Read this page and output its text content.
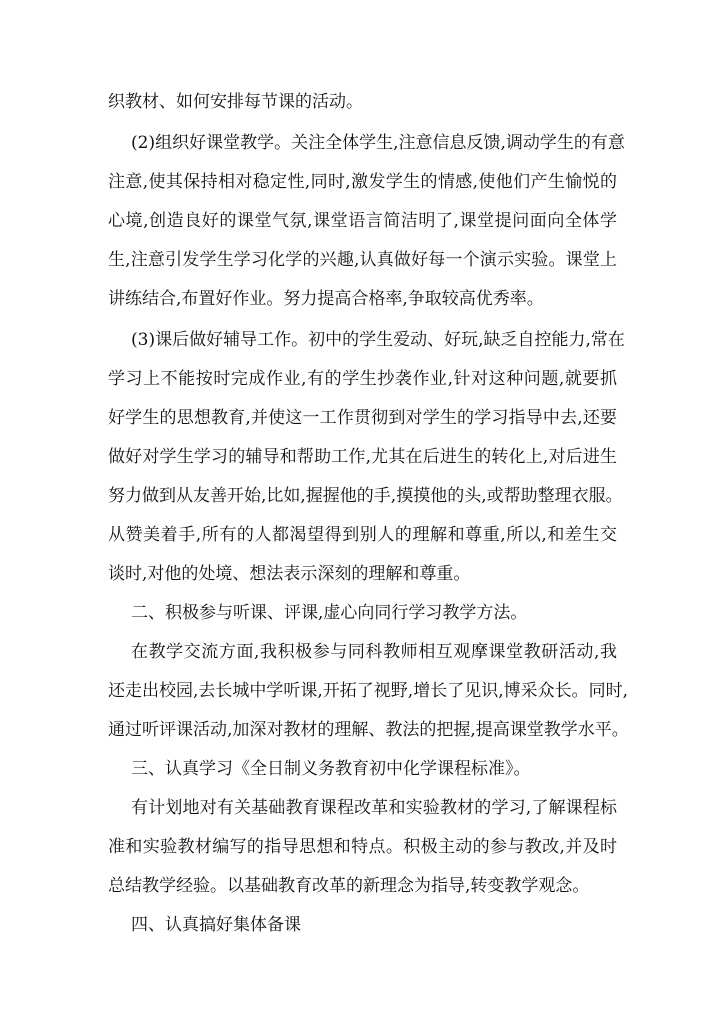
织教材、如何安排每节课的活动。
(2)组织好课堂教学。关注全体学生,注意信息反馈,调动学生的有意
注意,使其保持相对稳定性,同时,激发学生的情感,使他们产生愉悦的
心境,创造良好的课堂气氛,课堂语言简洁明了,课堂提问面向全体学
生,注意引发学生学习化学的兴趣,认真做好每一个演示实验。课堂上
讲练结合,布置好作业。努力提高合格率,争取较高优秀率。
(3)课后做好辅导工作。初中的学生爱动、好玩,缺乏自控能力,常在
学习上不能按时完成作业,有的学生抄袭作业,针对这种问题,就要抓
好学生的思想教育,并使这一工作贯彻到对学生的学习指导中去,还要
做好对学生学习的辅导和帮助工作,尤其在后进生的转化上,对后进生
努力做到从友善开始,比如,握握他的手,摸摸他的头,或帮助整理衣服。
从赞美着手,所有的人都渴望得到别人的理解和尊重,所以,和差生交
谈时,对他的处境、想法表示深刻的理解和尊重。
二、积极参与听课、评课,虚心向同行学习教学方法。
在教学交流方面,我积极参与同科教师相互观摩课堂教研活动,我
还走出校园,去长城中学听课,开拓了视野,增长了见识,博采众长。同时,
通过听评课活动,加深对教材的理解、教法的把握,提高课堂教学水平。
三、认真学习《全日制义务教育初中化学课程标准》。
有计划地对有关基础教育课程改革和实验教材的学习,了解课程标
准和实验教材编写的指导思想和特点。积极主动的参与教改,并及时
总结教学经验。以基础教育改革的新理念为指导,转变教学观念。
四、认真搞好集体备课
